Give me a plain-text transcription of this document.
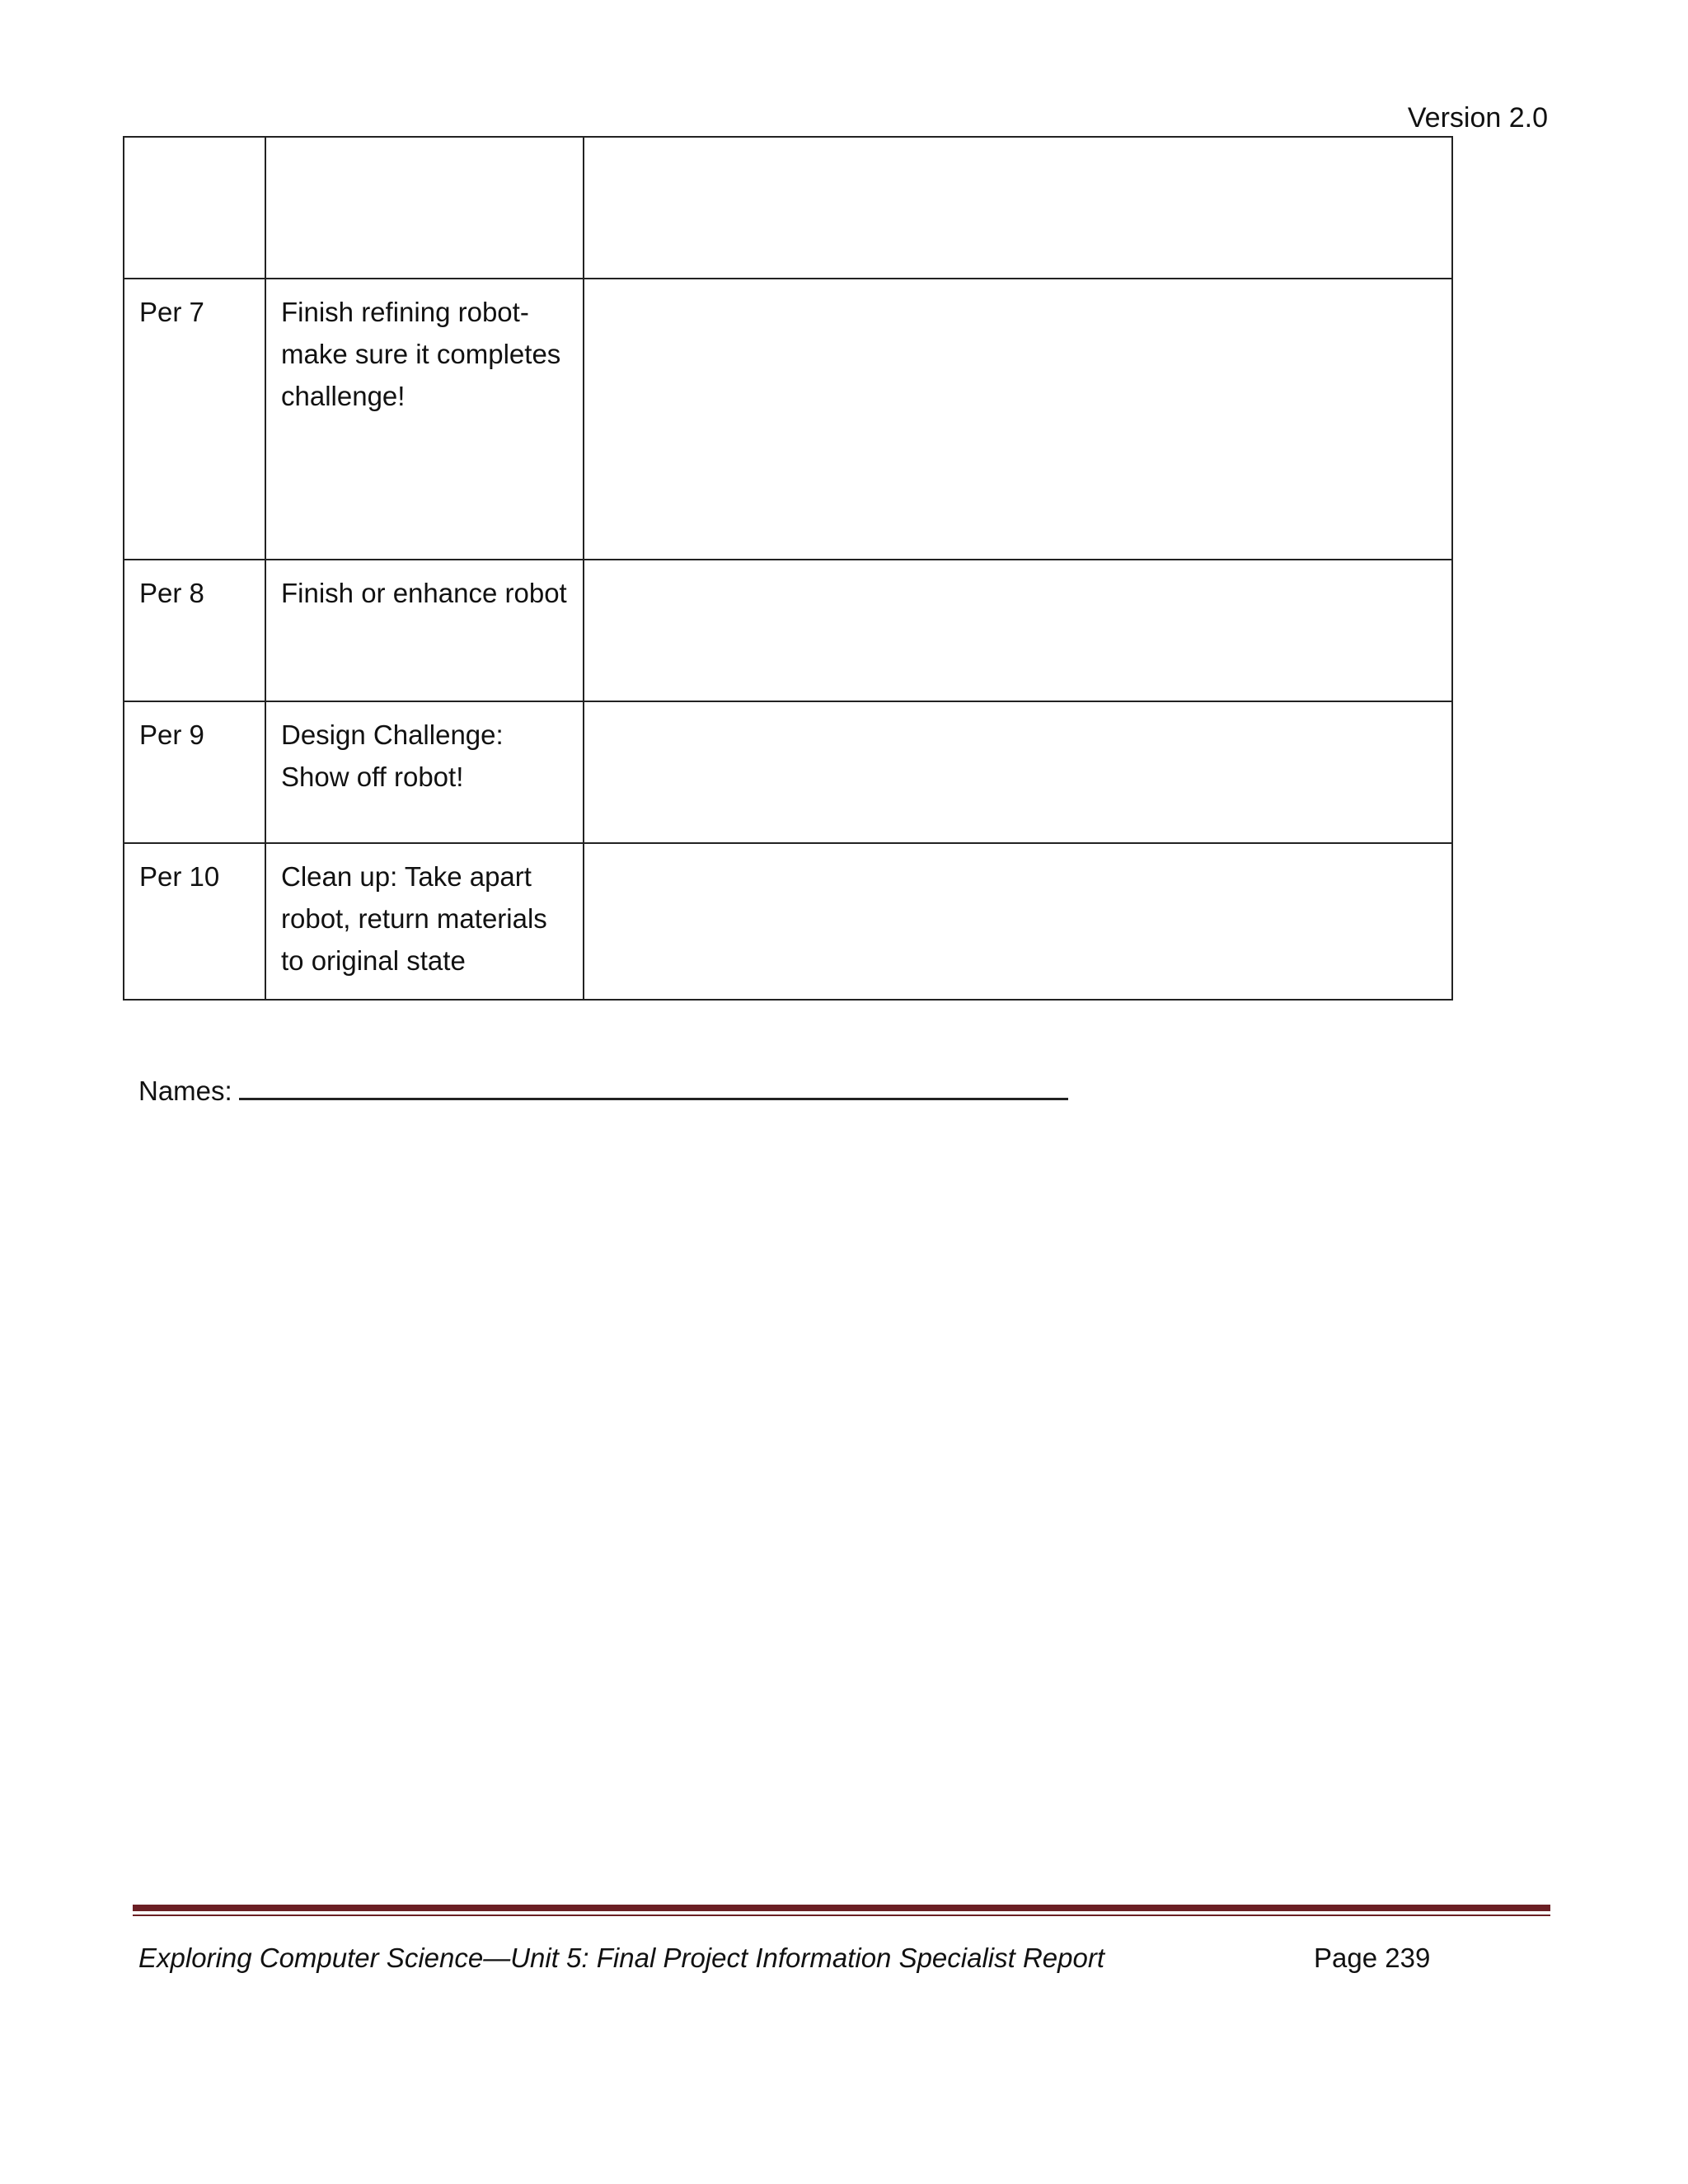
Version 2.0

Per 7	Finish refining robot-make sure it completes challenge!	
Per 8	Finish or enhance robot	
Per 9	Design Challenge: Show off robot!	
Per 10	Clean up: Take apart robot, return materials to original state	
Names:
Exploring Computer Science—Unit 5: Final Project Information Specialist Report	Page 239
